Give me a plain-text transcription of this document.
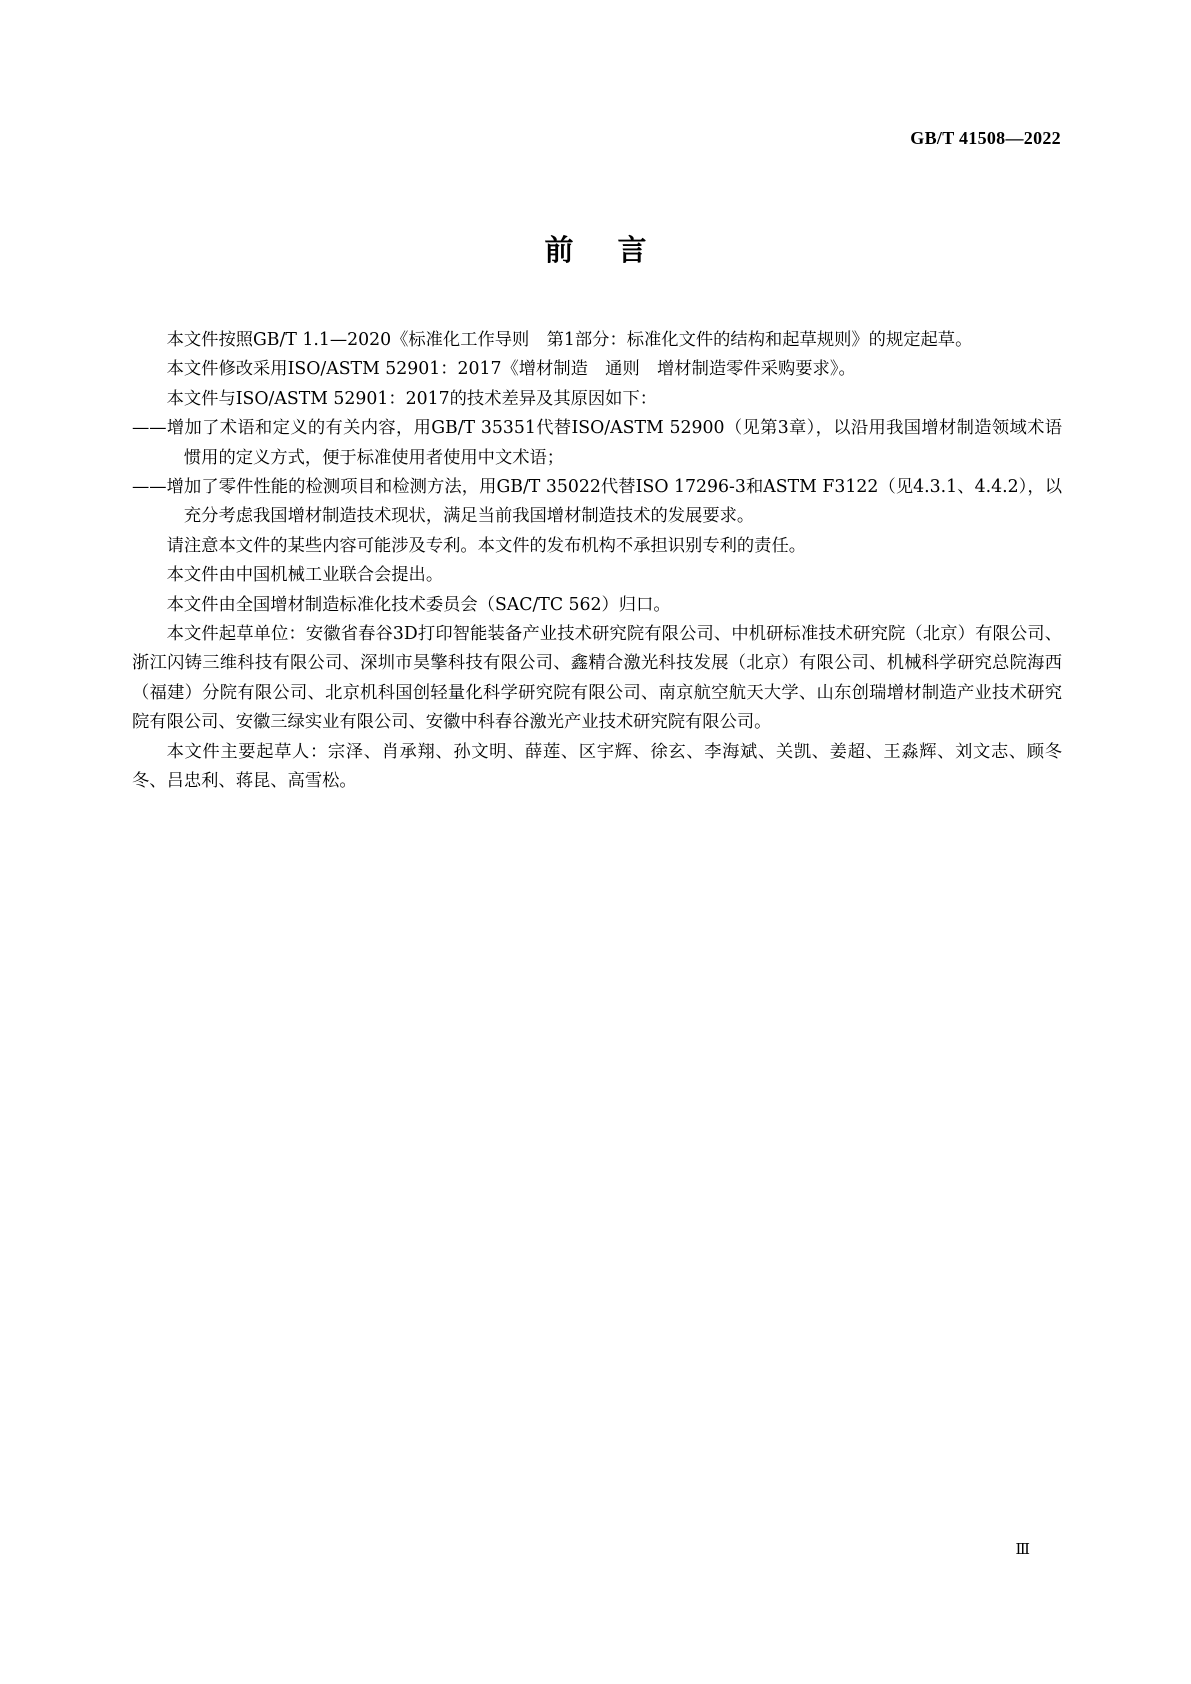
GB/T 41508—2022
前言

本文件按照GB/T 1.1—2020《标准化工作导则　第1部分：标准化文件的结构和起草规则》的规定起草。

本文件修改采用ISO/ASTM 52901：2017《增材制造　通则　增材制造零件采购要求》。

本文件与ISO/ASTM 52901：2017的技术差异及其原因如下：

——增加了术语和定义的有关内容，用GB/T 35351代替ISO/ASTM 52900（见第3章），以沿用我国增材制造领域术语惯用的定义方式，便于标准使用者使用中文术语；

——增加了零件性能的检测项目和检测方法，用GB/T 35022代替ISO 17296-3和ASTM F3122（见4.3.1、4.4.2），以充分考虑我国增材制造技术现状，满足当前我国增材制造技术的发展要求。

请注意本文件的某些内容可能涉及专利。本文件的发布机构不承担识别专利的责任。

本文件由中国机械工业联合会提出。

本文件由全国增材制造标准化技术委员会（SAC/TC 562）归口。

本文件起草单位：安徽省春谷3D打印智能装备产业技术研究院有限公司、中机研标准技术研究院（北京）有限公司、浙江闪铸三维科技有限公司、深圳市昊擎科技有限公司、鑫精合激光科技发展（北京）有限公司、机械科学研究总院海西（福建）分院有限公司、北京机科国创轻量化科学研究院有限公司、南京航空航天大学、山东创瑞增材制造产业技术研究院有限公司、安徽三绿实业有限公司、安徽中科春谷激光产业技术研究院有限公司。

本文件主要起草人：宗泽、肖承翔、孙文明、薛莲、区宇辉、徐玄、李海斌、关凯、姜超、王淼辉、刘文志、顾冬冬、吕忠利、蒋昆、高雪松。

Ⅲ
